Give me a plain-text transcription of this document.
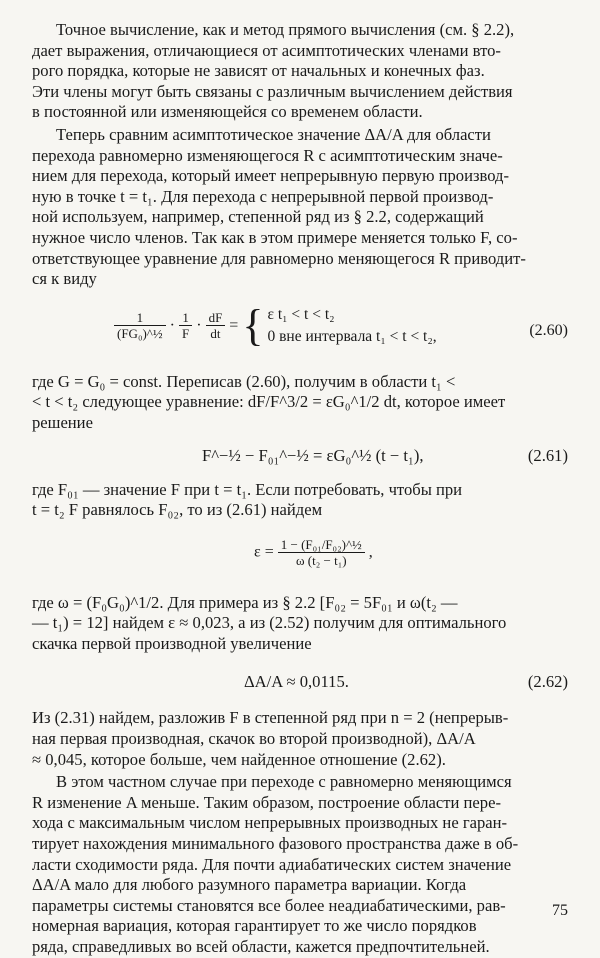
Точное вычисление, как и метод прямого вычисления (см. § 2.2),
дает выражения, отличающиеся от асимптотических членами вто-
рого порядка, которые не зависят от начальных и конечных фаз.
Эти члены могут быть связаны с различным вычислением действия
в постоянной или изменяющейся со временем области.

Теперь сравним асимптотическое значение ΔA/A для области
перехода равномерно изменяющегося R с асимптотическим значе-
нием для перехода, который имеет непрерывную первую производ-
ную в точке t = t₁. Для перехода с непрерывной первой производ-
ной используем, например, степенной ряд из § 2.2, содержащий
нужное число членов. Так как в этом примере меняется только F, со-
ответствующее уравнение для равномерно меняющегося R приводит-
ся к виду

$\frac{1}{\text{(FG₀)\textasciicircum{}½}} \cdot \frac{1}{F} \cdot \frac{dF}{dt}$ = { ε t₁ < t < t₂
0 вне интервала t₁ < t < t₂,	(2.60)

где G = G₀ = const. Переписав (2.60), получим в области t₁ <
< t < t₂ следующее уравнение: dF/F^3/2 = εG₀^1/2 dt, которое имеет
решение

F^−½ − F₀₁^−½ = εG₀^½ (t − t₁),	(2.61)

где F₀₁ — значение F при t = t₁. Если потребовать, чтобы при
t = t₂ F равнялось F₀₂, то из (2.61) найдем

$\varepsilon = \frac{\text{1 − (F₀₁/F₀₂)\textasciicircum{}½}}{\text{ω (t₂ − t₁)}}$ ,

где ω = (F₀G₀)^1/2. Для примера из § 2.2 [F₀₂ = 5F₀₁ и ω(t₂ —
— t₁) = 12] найдем ε ≈ 0,023, а из (2.52) получим для оптимального
скачка первой производной увеличение

ΔA/A ≈ 0,0115.	(2.62)

Из (2.31) найдем, разложив F в степенной ряд при n = 2 (непрерыв-
ная первая производная, скачок во второй производной), ΔA/A
≈ 0,045, которое больше, чем найденное отношение (2.62).

В этом частном случае при переходе с равномерно меняющимся
R изменение A меньше. Таким образом, построение области пере-
хода с максимальным числом непрерывных производных не гаран-
тирует нахождения минимального фазового пространства даже в об-
ласти сходимости ряда. Для почти адиабатических систем значение
ΔA/A мало для любого разумного параметра вариации. Когда
параметры системы становятся все более неадиабатическими, рав-
номерная вариация, которая гарантирует то же число порядков
ряда, справедливых во всей области, кажется предпочтительней.

75
